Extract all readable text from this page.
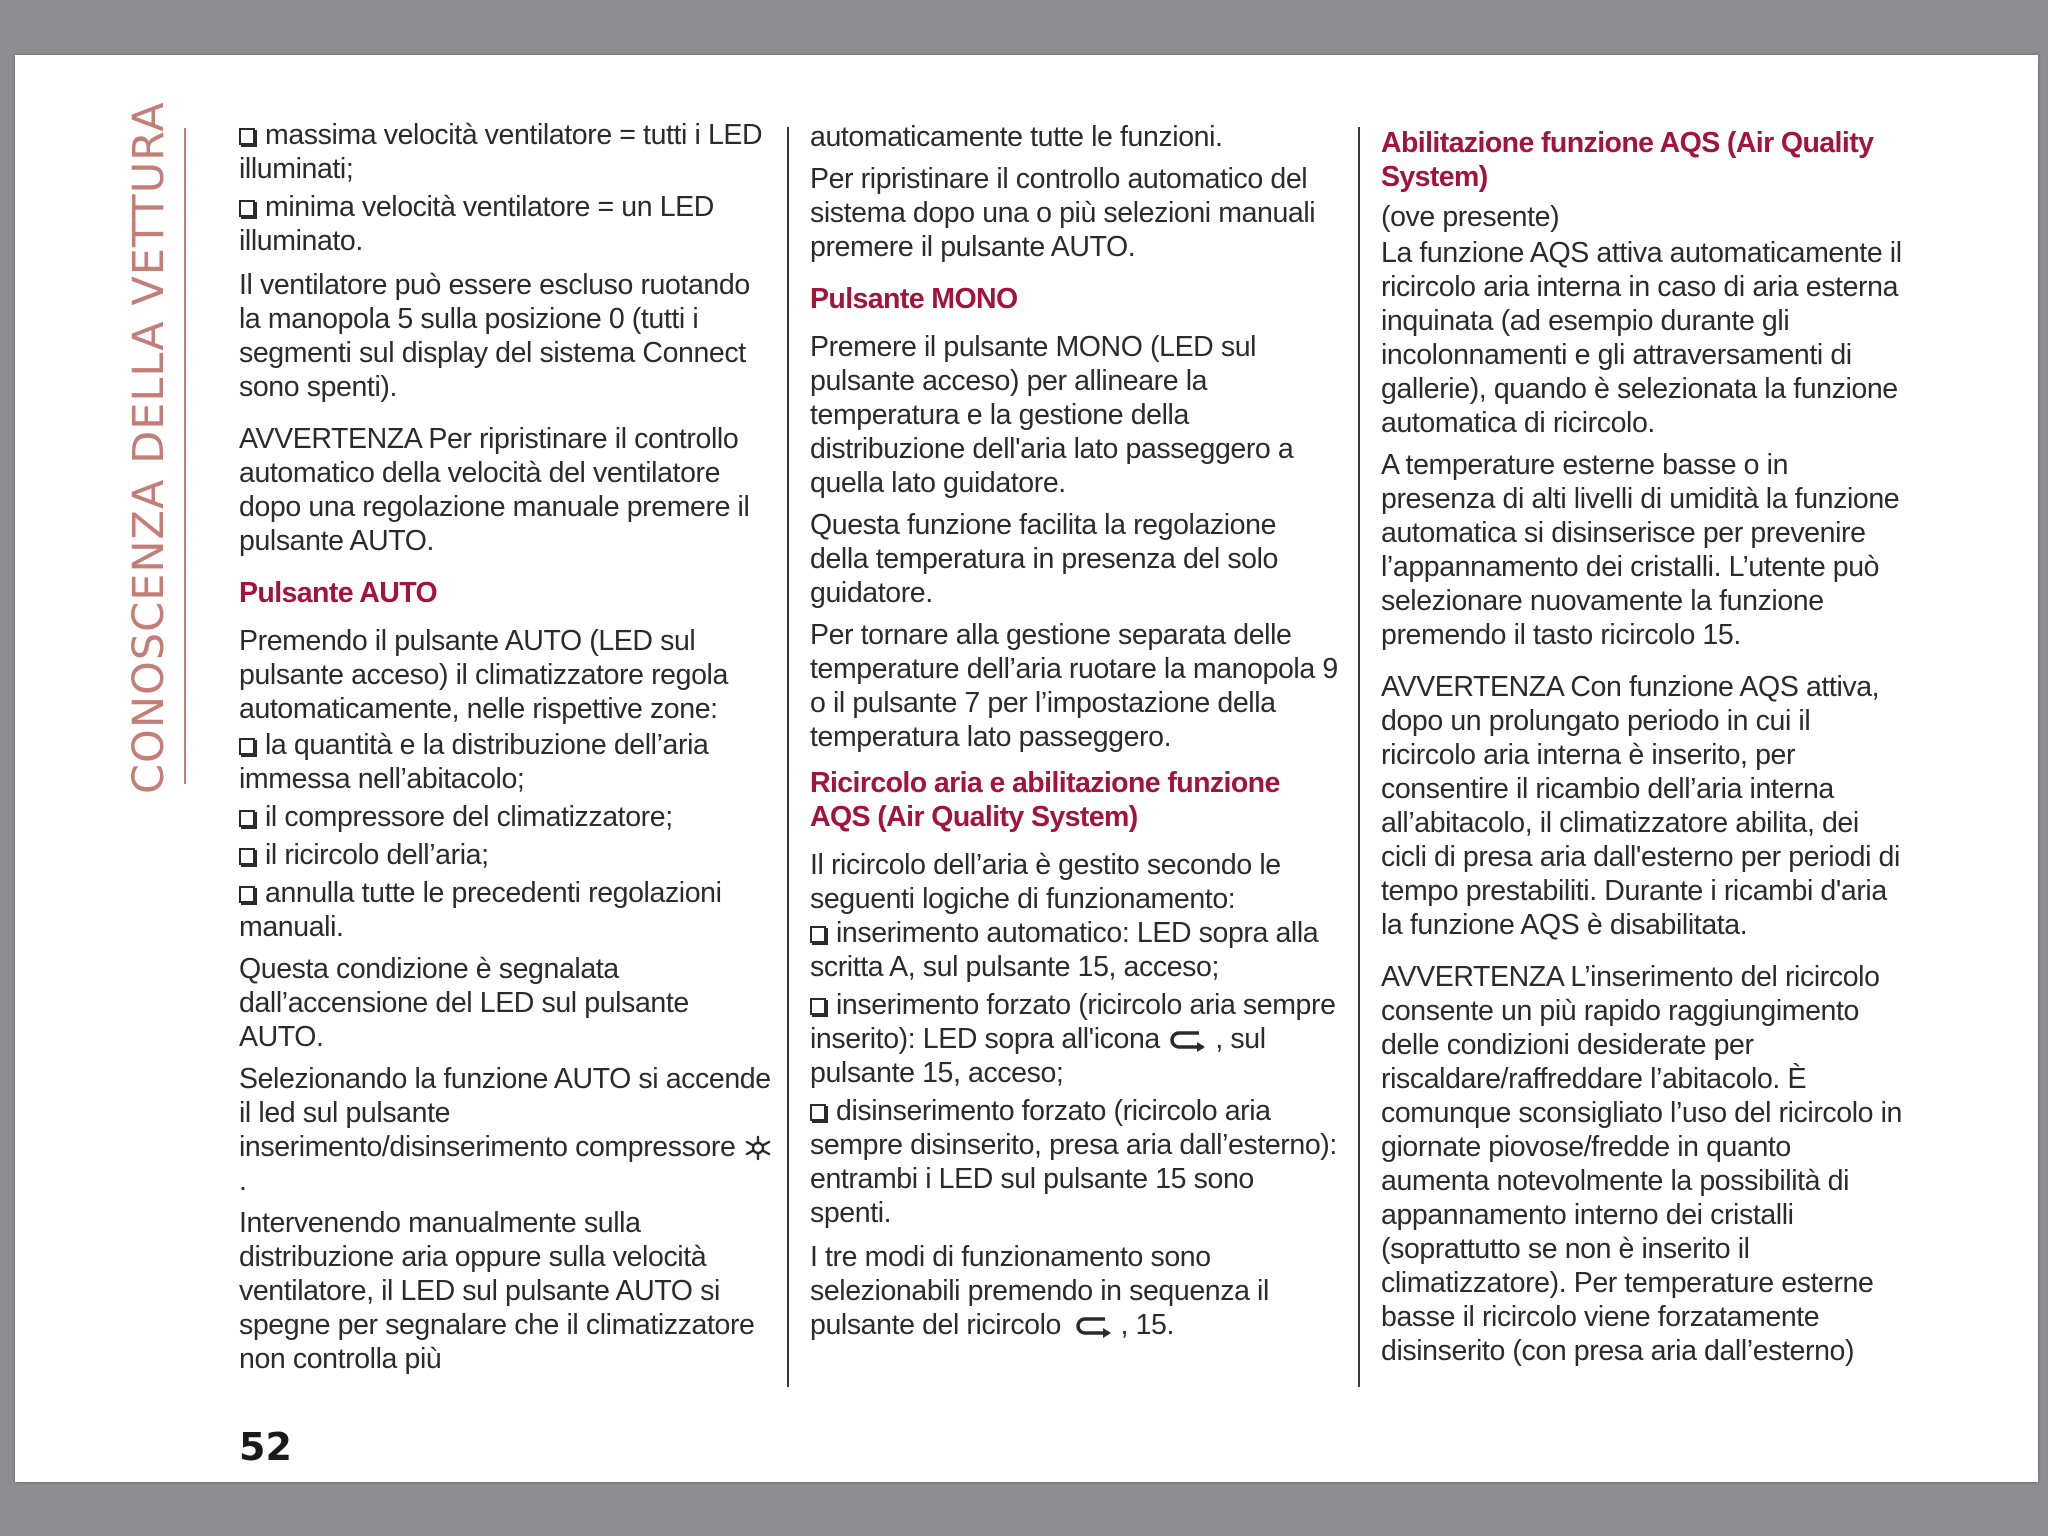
CONOSCENZA DELLA VETTURA	massima velocità ventilatore = tutti i LED illuminati;
minima velocità ventilatore = un LED illuminato.

Il ventilatore può essere escluso ruotando la manopola 5 sulla posizione 0 (tutti i segmenti sul display del sistema Connect sono spenti).

AVVERTENZA Per ripristinare il controllo automatico della velocità del ventilatore dopo una regolazione manuale premere il pulsante AUTO.

Pulsante AUTO

Premendo il pulsante AUTO (LED sul pulsante acceso) il climatizzatore regola automaticamente, nelle rispettive zone:

la quantità e la distribuzione dell’aria immessa nell’abitacolo;
il compressore del climatizzatore;
il ricircolo dell’aria;
annulla tutte le precedenti regolazioni manuali.

Questa condizione è segnalata dall’accensione del LED sul pulsante AUTO.

Selezionando la funzione AUTO si accende il led sul pulsante inserimento/disinserimento compressore  .

Intervenendo manualmente sulla distribuzione aria oppure sulla velocità ventilatore, il LED sul pulsante AUTO si spegne per segnalare che il climatizzatore non controlla più

automaticamente tutte le funzioni.

Per ripristinare il controllo automatico del sistema dopo una o più selezioni manuali premere il pulsante AUTO.

Pulsante MONO

Premere il pulsante MONO (LED sul pulsante acceso) per allineare la temperatura e la gestione della distribuzione dell'aria lato passeggero a quella lato guidatore.

Questa funzione facilita la regolazione della temperatura in presenza del solo guidatore.

Per tornare alla gestione separata delle temperature dell’aria ruotare la manopola 9 o il pulsante 7 per l’impostazione della temperatura lato passeggero.

Ricircolo aria e abilitazione funzione AQS (Air Quality System)

Il ricircolo dell’aria è gestito secondo le seguenti logiche di funzionamento:

inserimento automatico: LED sopra alla scritta A, sul pulsante 15, acceso;
inserimento forzato (ricircolo aria sempre inserito): LED sopra all'icona , sul pulsante 15, acceso;
disinserimento forzato (ricircolo aria sempre disinserito, presa aria dall’esterno): entrambi i LED sul pulsante 15 sono spenti.

I tre modi di funzionamento sono selezionabili premendo in sequenza il pulsante del ricircolo , 15.

Abilitazione funzione AQS (Air Quality System)

(ove presente)

La funzione AQS attiva automaticamente il ricircolo aria interna in caso di aria esterna inquinata (ad esempio durante gli incolonnamenti e gli attraversamenti di gallerie), quando è selezionata la funzione automatica di ricircolo.

A temperature esterne basse o in presenza di alti livelli di umidità la funzione automatica si disinserisce per prevenire l’appannamento dei cristalli. L’utente può selezionare nuovamente la funzione premendo il tasto ricircolo 15.

AVVERTENZA Con funzione AQS attiva, dopo un prolungato periodo in cui il ricircolo aria interna è inserito, per consentire il ricambio dell’aria interna all’abitacolo, il climatizzatore abilita, dei cicli di presa aria dall'esterno per periodi di tempo prestabiliti. Durante i ricambi d'aria la funzione AQS è disabilitata.

AVVERTENZA L’inserimento del ricircolo consente un più rapido raggiungimento delle condizioni desiderate per riscaldare/raffreddare l’abitacolo. È comunque sconsigliato l’uso del ricircolo in giornate piovose/fredde in quanto aumenta notevolmente la possibilità di appannamento interno dei cristalli (soprattutto se non è inserito il climatizzatore). Per temperature esterne basse il ricircolo viene forzatamente disinserito (con presa aria dall’esterno)

52
